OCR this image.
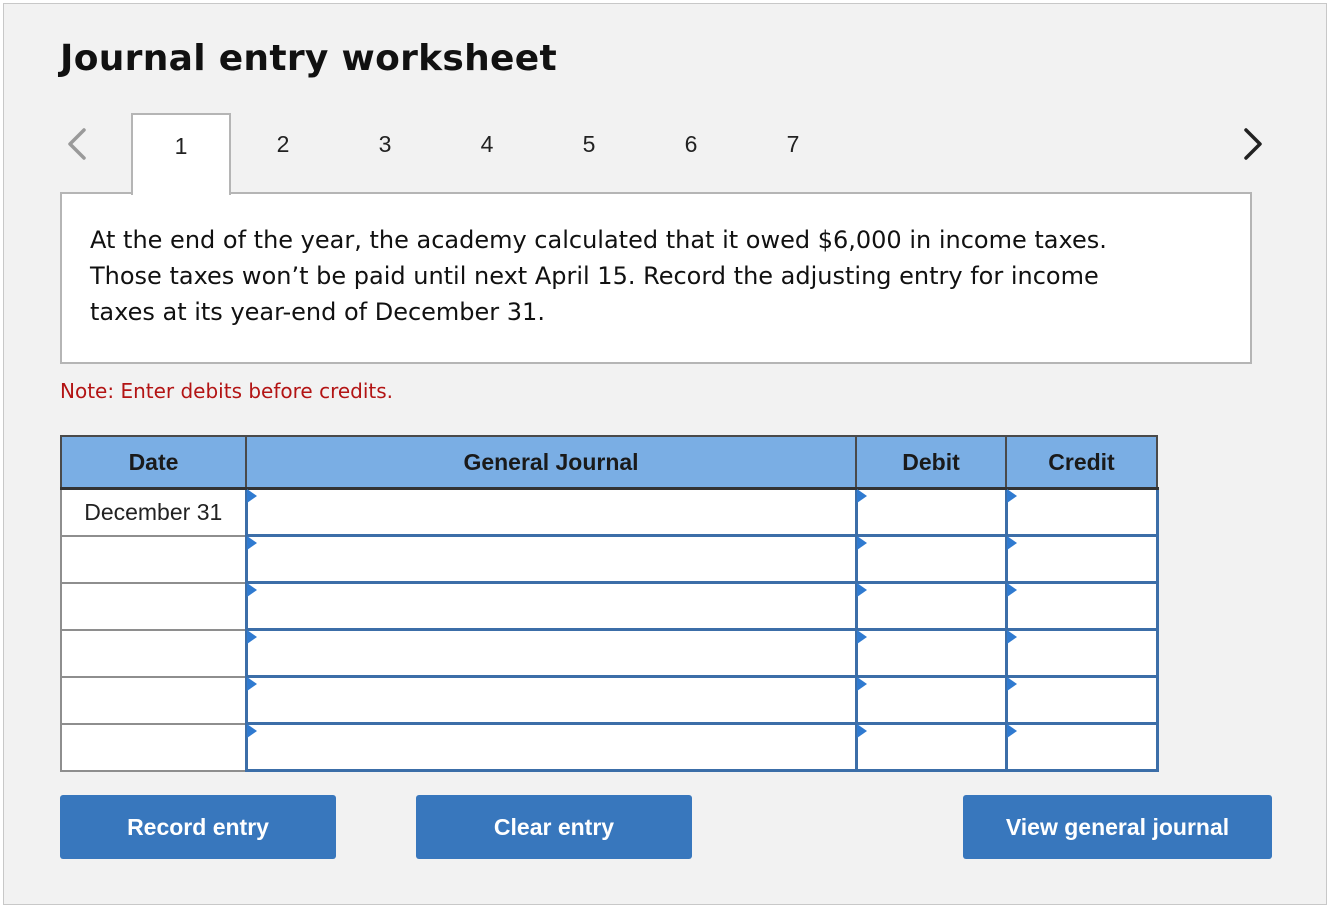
Journal entry worksheet
1	2	3	4	5	6	7

At the end of the year, the academy calculated that it owed $6,000 in income taxes. Those taxes won’t be paid until next April 15. Record the adjusting entry for income taxes at its year-end of December 31.

Note: Enter debits before credits.
Date	General Journal	Debit	Credit
December 31	

Record entry	Clear entry	View general journal
